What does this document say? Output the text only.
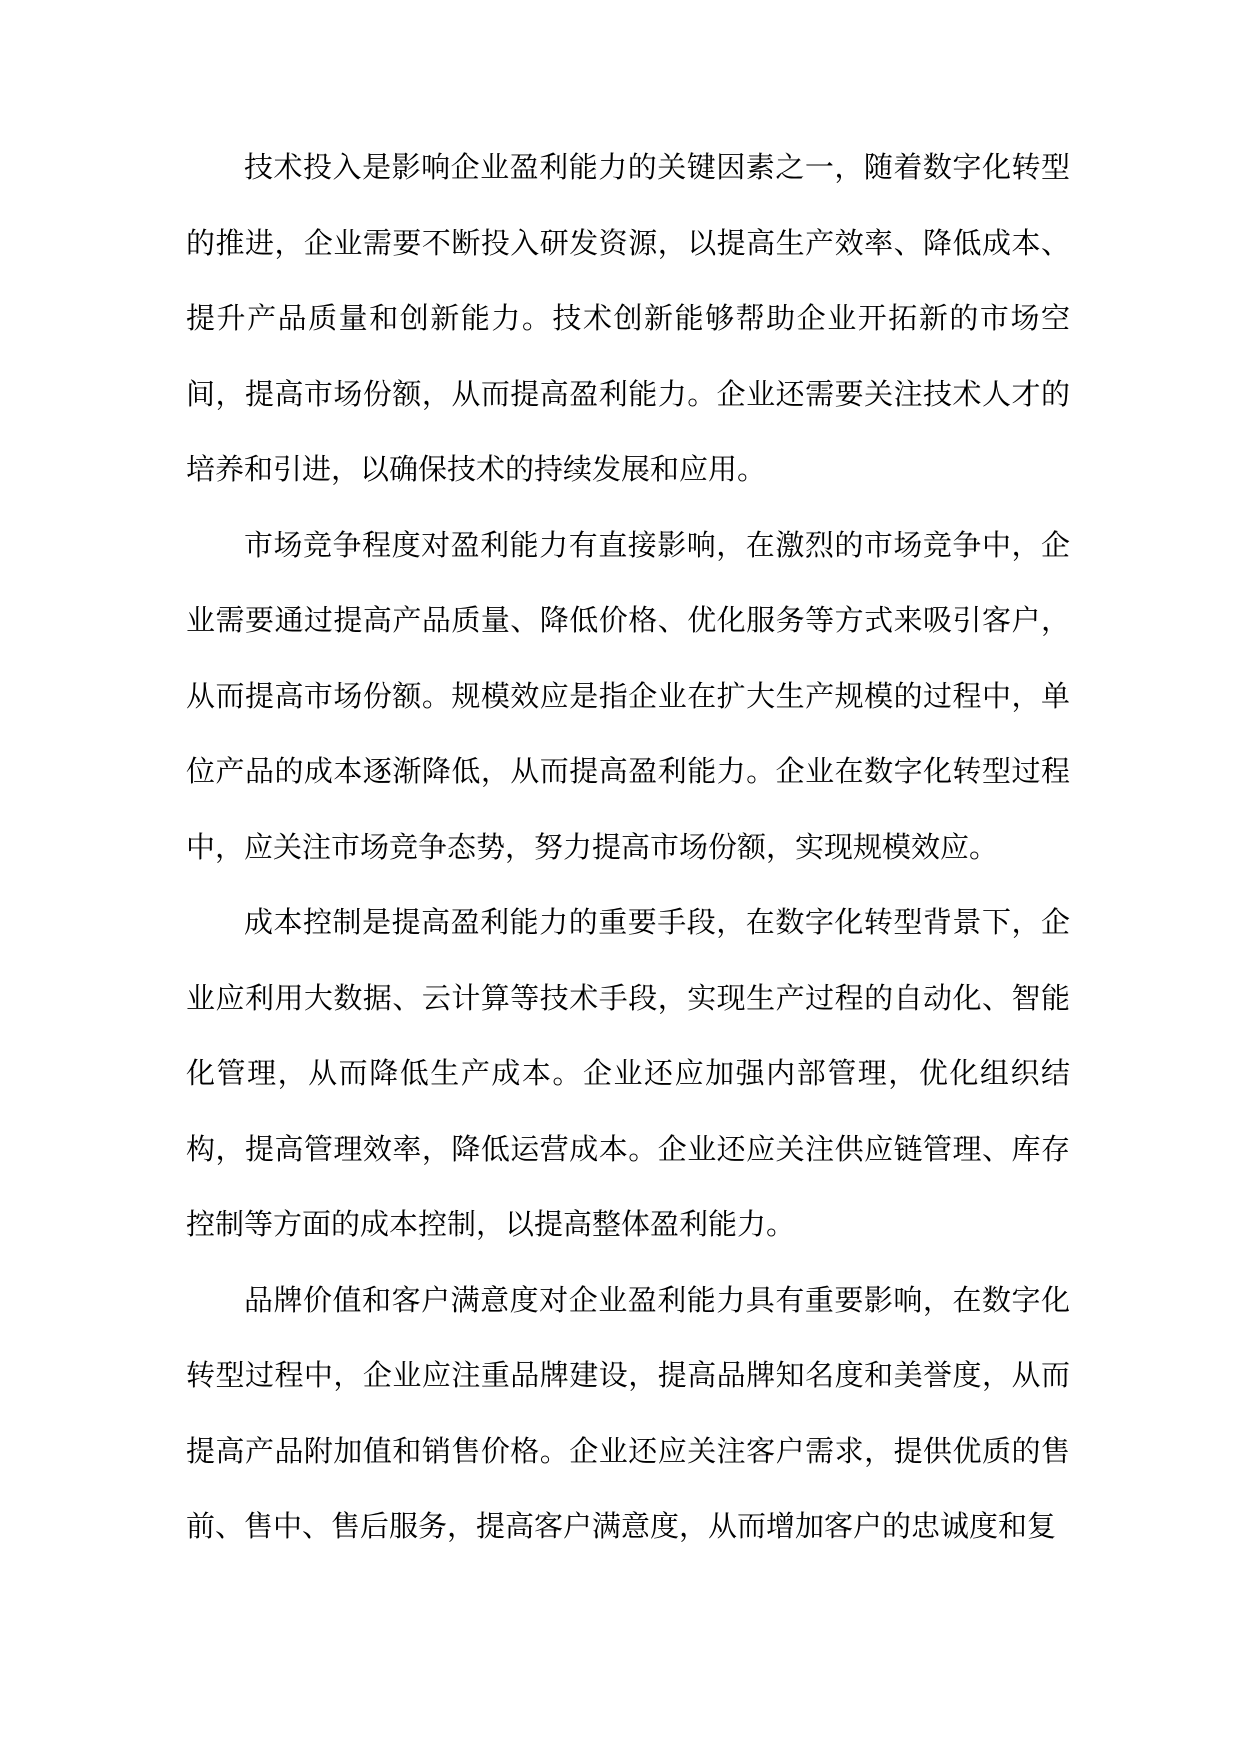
技术投入是影响企业盈利能力的关键因素之一，随着数字化转型的推进，企业需要不断投入研发资源，以提高生产效率、降低成本、提升产品质量和创新能力。技术创新能够帮助企业开拓新的市场空间，提高市场份额，从而提高盈利能力。企业还需要关注技术人才的培养和引进，以确保技术的持续发展和应用。

市场竞争程度对盈利能力有直接影响，在激烈的市场竞争中，企业需要通过提高产品质量、降低价格、优化服务等方式来吸引客户，从而提高市场份额。规模效应是指企业在扩大生产规模的过程中，单位产品的成本逐渐降低，从而提高盈利能力。企业在数字化转型过程中，应关注市场竞争态势，努力提高市场份额，实现规模效应。

成本控制是提高盈利能力的重要手段，在数字化转型背景下，企业应利用大数据、云计算等技术手段，实现生产过程的自动化、智能化管理，从而降低生产成本。企业还应加强内部管理，优化组织结构，提高管理效率，降低运营成本。企业还应关注供应链管理、库存控制等方面的成本控制，以提高整体盈利能力。

品牌价值和客户满意度对企业盈利能力具有重要影响，在数字化转型过程中，企业应注重品牌建设，提高品牌知名度和美誉度，从而提高产品附加值和销售价格。企业还应关注客户需求，提供优质的售前、售中、售后服务，提高客户满意度，从而增加客户的忠诚度和复
